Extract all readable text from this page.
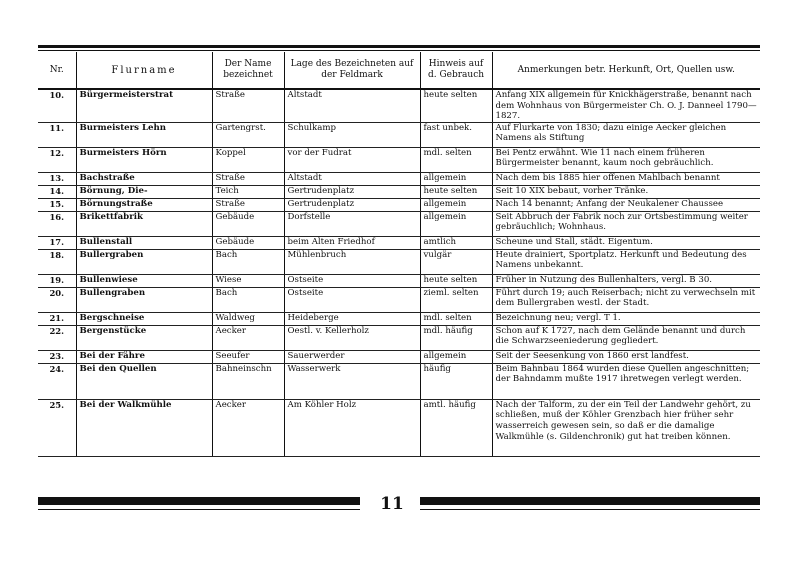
Nr.	Flurname	Der Name bezeichnet	Lage des Bezeichneten auf der Feldmark	Hinweis auf d. Gebrauch	Anmerkungen betr. Herkunft, Ort, Quellen usw.
10.	Bürgermeisterstrat	Straße	Altstadt	heute selten	Anfang XIX allgemein für Knickhägerstraße, benannt nach dem Wohnhaus von Bürgermeister Ch. O. J. Danneel 1790—1827.
11.	Burmeisters Lehn	Gartengrst.	Schulkamp	fast unbek.	Auf Flurkarte von 1830; dazu einige Aecker gleichen Namens als Stiftung
12.	Burmeisters Hörn	Koppel	vor der Fudrat	mdl. selten	Bei Pentz erwähnt. Wie 11 nach einem früheren Bürgermeister benannt, kaum noch gebräuchlich.
13.	Bachstraße	Straße	Altstadt	allgemein	Nach dem bis 1885 hier offenen Mahlbach benannt
14.	Börnung, Die-	Teich	Gertrudenplatz	heute selten	Seit 10 XIX bebaut, vorher Tränke.
15.	Börnungstraße	Straße	Gertrudenplatz	allgemein	Nach 14 benannt; Anfang der Neukalener Chaussee
16.	Brikettfabrik	Gebäude	Dorfstelle	allgemein	Seit Abbruch der Fabrik noch zur Ortsbestimmung weiter gebräuchlich; Wohnhaus.
17.	Bullenstall	Gebäude	beim Alten Friedhof	amtlich	Scheune und Stall, städt. Eigentum.
18.	Bullergraben	Bach	Mühlenbruch	vulgär	Heute drainiert, Sportplatz. Herkunft und Bedeutung des Namens unbekannt.
19.	Bullenwiese	Wiese	Ostseite	heute selten	Früher in Nutzung des Bullenhalters, vergl. B 30.
20.	Bullengraben	Bach	Ostseite	zieml. selten	Führt durch 19; auch Reiserbach; nicht zu verwechseln mit dem Bullergraben westl. der Stadt.
21.	Bergschneise	Waldweg	Heideberge	mdl. selten	Bezeichnung neu; vergl. T 1.
22.	Bergenstücke	Aecker	Oestl. v. Kellerholz	mdl. häufig	Schon auf K 1727, nach dem Gelände benannt und durch die Schwarzseeniederung gegliedert.
23.	Bei der Fähre	Seeufer	Sauerwerder	allgemein	Seit der Seesenkung von 1860 erst landfest.
24.	Bei den Quellen	Bahneinschn	Wasserwerk	häufig	Beim Bahnbau 1864 wurden diese Quellen angeschnitten; der Bahndamm mußte 1917 ihretwegen verlegt werden.
25.	Bei der Walkmühle	Aecker	Am Köhler Holz	amtl. häufig	Nach der Talform, zu der ein Teil der Landwehr gehört, zu schließen, muß der Köhler Grenzbach hier früher sehr wasserreich gewesen sein, so daß er die damalige Walkmühle (s. Gildenchronik) gut hat treiben können.
11
